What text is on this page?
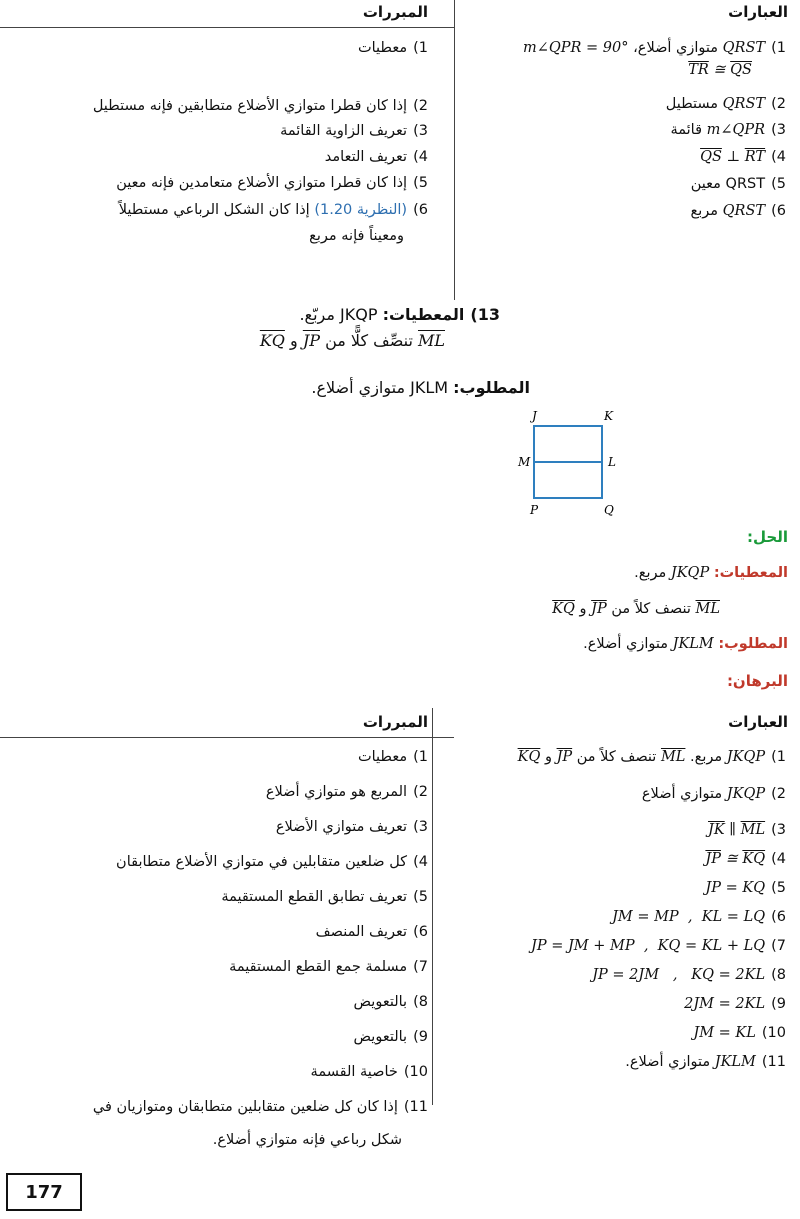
العبارات
المبررات
1)QRST متوازي أضلاع، m∠QPR = 90°
$\overline{TR}$ ≅ $\overline{QS}$
2)QRST مستطيل
3)m∠QPR قائمة
$4)\overline{QS}$ ⊥ $\overline{RT}$
5)QRST معين
6)QRST مربع
1)معطيات
2)إذا كان قطرا متوازي الأضلاع متطابقين فإنه مستطيل
3)تعريف الزاوية القائمة
4)تعريف التعامد
5)إذا كان قطرا متوازي الأضلاع متعامدين فإنه معين
6)(النظرية 1.20) إذا كان الشكل الرباعي مستطيلاً
ومعيناً فإنه مربع
13)المعطيات: JKQP مربّع.
ML تنصِّف كلًّا من JP و KQ
المطلوب: JKLM متوازي أضلاع.
J	K
M	L
P	Q
الحل:
المعطيات: JKQP مربع.
ML تنصف كلاً من JP و KQ
المطلوب: JKLM متوازي أضلاع.
البرهان:
العبارات
المبررات
1)JKQP مربع. ML تنصف كلاً من JP و KQ
2)JKQP متوازي أضلاع
$3)\overline{JK}$ ∥ $\overline{ML}$
$4)\overline{JP}$ ≅ $\overline{KQ}$
5)JP = KQ
6)JM = MP  ,  KL = LQ
7)JP = JM + MP  ,  KQ = KL + LQ
8)JP = 2JM   ,   KQ = 2KL
9)2JM = 2KL
10)JM = KL
11)JKLM متوازي أضلاع.
1)معطيات
2)المربع هو متوازي أضلاع
3)تعريف متوازي الأضلاع
4)كل ضلعين متقابلين في متوازي الأضلاع متطابقان
5)تعريف تطابق القطع المستقيمة
6)تعريف المنصف
7)مسلمة جمع القطع المستقيمة
8)بالتعويض
9)بالتعويض
10)خاصية القسمة
11)إذا كان كل ضلعين متقابلين متطابقان ومتوازيان في
شكل رباعي فإنه متوازي أضلاع.
177
